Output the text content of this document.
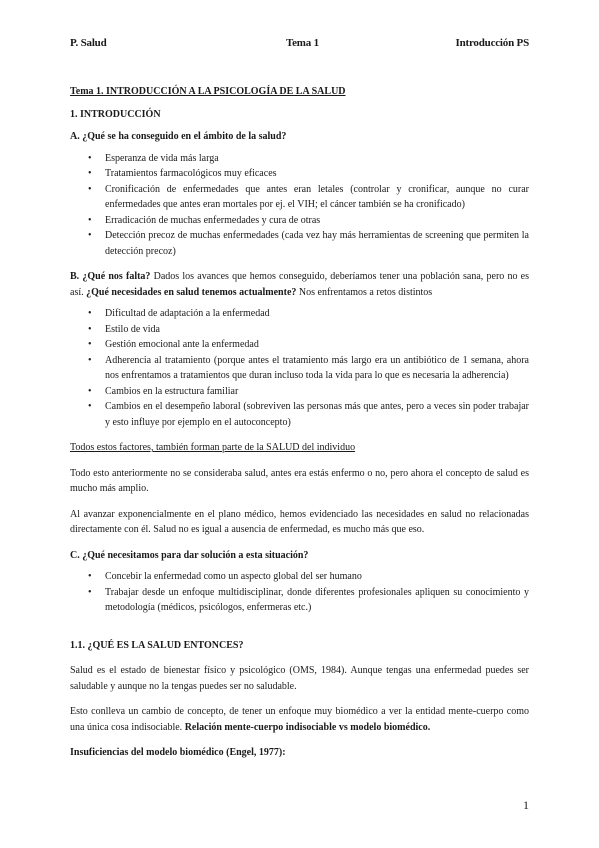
P. Salud	Tema 1	Introducción PS
Tema 1. INTRODUCCIÓN A LA PSICOLOGÍA DE LA SALUD
1. INTRODUCCIÓN
A. ¿Qué se ha conseguido en el ámbito de la salud?
• Esperanza de vida más larga
• Tratamientos farmacológicos muy eficaces
• Cronificación de enfermedades que antes eran letales (controlar y cronificar, aunque no curar enfermedades que antes eran mortales por ej. el VIH; el cáncer también se ha cronificado)
• Erradicación de muchas enfermedades y cura de otras
• Detección precoz de muchas enfermedades (cada vez hay más herramientas de screening que permiten la detección precoz)

B. ¿Qué nos falta? Dados los avances que hemos conseguido, deberíamos tener una población sana, pero no es así. ¿Qué necesidades en salud tenemos actualmente? Nos enfrentamos a retos distintos

• Dificultad de adaptación a la enfermedad
• Estilo de vida
• Gestión emocional ante la enfermedad
• Adherencia al tratamiento (porque antes el tratamiento más largo era un antibiótico de 1 semana, ahora nos enfrentamos a tratamientos que duran incluso toda la vida para lo que es necesaria la adherencia)
• Cambios en la estructura familiar
• Cambios en el desempeño laboral (sobreviven las personas más que antes, pero a veces sin poder trabajar y esto influye por ejemplo en el autoconcepto)

Todos estos factores, también forman parte de la SALUD del individuo

Todo esto anteriormente no se consideraba salud, antes era estás enfermo o no, pero ahora el concepto de salud es mucho más amplio.

Al avanzar exponencialmente en el plano médico, hemos evidenciado las necesidades en salud no relacionadas directamente con él. Salud no es igual a ausencia de enfermedad, es mucho más que eso.

C. ¿Qué necesitamos para dar solución a esta situación?
• Concebir la enfermedad como un aspecto global del ser humano
• Trabajar desde un enfoque multidisciplinar, donde diferentes profesionales apliquen su conocimiento y metodología (médicos, psicólogos, enfermeras etc.)
1.1. ¿QUÉ ES LA SALUD ENTONCES?

Salud es el estado de bienestar físico y psicológico (OMS, 1984). Aunque tengas una enfermedad puedes ser saludable y aunque no la tengas puedes ser no saludable.

Esto conlleva un cambio de concepto, de tener un enfoque muy biomédico a ver la entidad mente-cuerpo como una única cosa indisociable. Relación mente-cuerpo indisociable vs modelo biomédico.

Insuficiencias del modelo biomédico (Engel, 1977):
1
